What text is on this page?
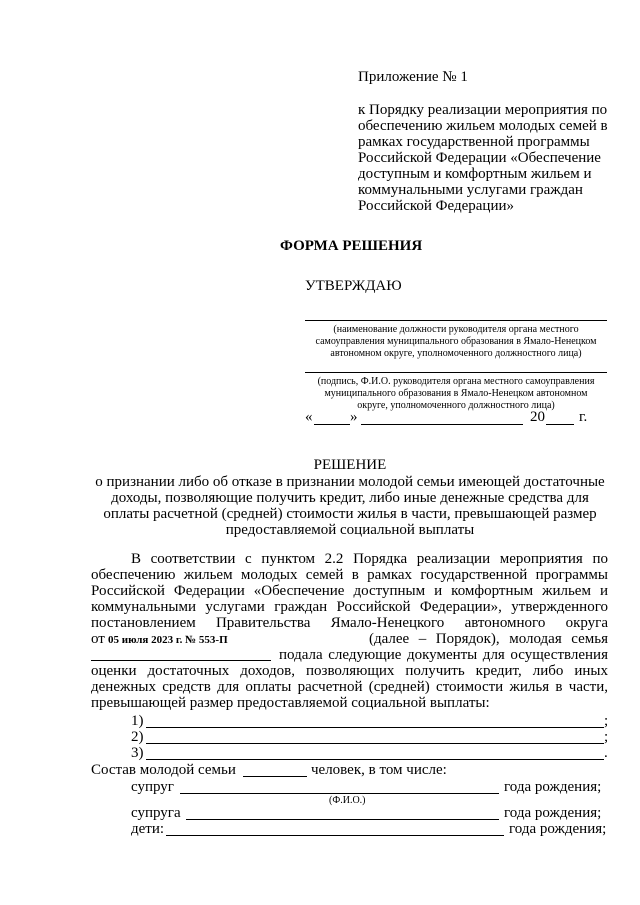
Приложение № 1
к Порядку реализации мероприятия по
обеспечению жильем молодых семей в
рамках государственной программы
Российской Федерации «Обеспечение
доступным и комфортным жильем и
коммунальными услугами граждан
Российской Федерации»
ФОРМА РЕШЕНИЯ
УТВЕРЖДАЮ
(наименование должности руководителя органа местного
самоуправления муниципального образования в Ямало-Ненецком
автономном округе, уполномоченного должностного лица)
(подпись, Ф.И.О. руководителя органа местного самоуправления
муниципального образования в Ямало-Ненецком автономном
округе, уполномоченного должностного лица)
«	»	20 г.
РЕШЕНИЕ
о признании либо об отказе в признании молодой семьи имеющей достаточные
доходы, позволяющие получить кредит, либо иные денежные средства для
оплаты расчетной (средней) стоимости жилья в части, превышающей размер
предоставляемой социальной выплаты
В соответствии с пунктом 2.2 Порядка реализации мероприятия по
обеспечению жильем молодых семей в рамках государственной программы
Российской Федерации «Обеспечение доступным и комфортным жильем и
коммунальными услугами граждан Российской Федерации», утвержденного
постановлением Правительства Ямало-Ненецкого автономного округа
от 05 июля 2023 г. № 553-П	(далее – Порядок), молодая семья
подала следующие документы для осуществления
оценки достаточных доходов, позволяющих получить кредит, либо иных
денежных средств для оплаты расчетной (средней) стоимости жилья в части,
превышающей размер предоставляемой социальной выплаты:
1)	;
2)	;
3)	.
Состав молодой семьи	человек, в том числе:
супруг	года рождения;
(Ф.И.О.)
супруга	года рождения;
дети:	года рождения;
